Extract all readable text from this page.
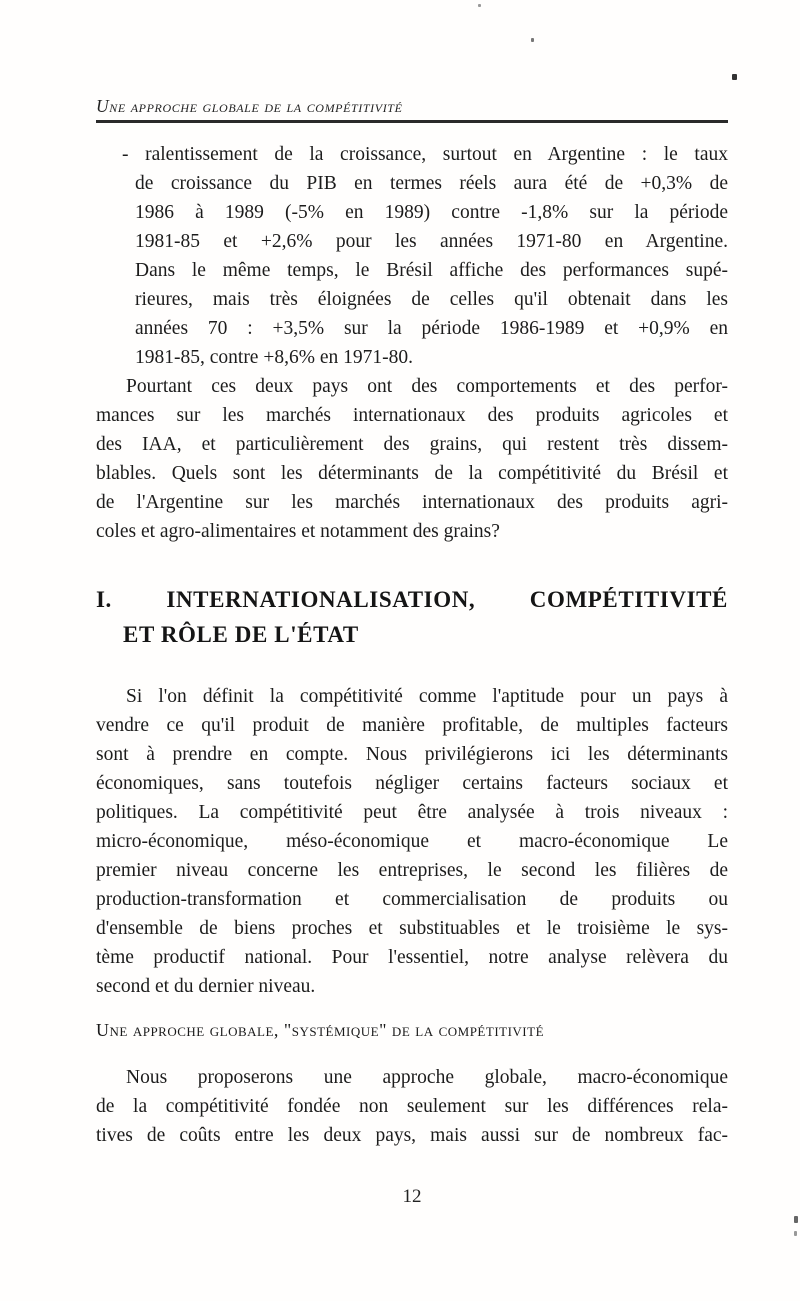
Une approche globale de la compétitivité
- ralentissement de la croissance, surtout en Argentine : le taux
de croissance du PIB en termes réels aura été de +0,3% de
1986 à 1989 (-5% en 1989) contre -1,8% sur la période
1981-85 et +2,6% pour les années 1971-80 en Argentine.
Dans le même temps, le Brésil affiche des performances supé-
rieures, mais très éloignées de celles qu'il obtenait dans les
années 70 : +3,5% sur la période 1986-1989 et +0,9% en
1981-85, contre +8,6% en 1971-80.
Pourtant ces deux pays ont des comportements et des perfor-
mances sur les marchés internationaux des produits agricoles et
des IAA, et particulièrement des grains, qui restent très dissem-
blables. Quels sont les déterminants de la compétitivité du Brésil et
de l'Argentine sur les marchés internationaux des produits agri-
coles et agro-alimentaires et notamment des grains?
I. INTERNATIONALISATION, COMPÉTITIVITÉ
ET RÔLE DE L'ÉTAT
Si l'on définit la compétitivité comme l'aptitude pour un pays à
vendre ce qu'il produit de manière profitable, de multiples facteurs
sont à prendre en compte. Nous privilégierons ici les déterminants
économiques, sans toutefois négliger certains facteurs sociaux et
politiques. La compétitivité peut être analysée à trois niveaux :
micro-économique, méso-économique et macro-économique Le
premier niveau concerne les entreprises, le second les filières de
production-transformation et commercialisation de produits ou
d'ensemble de biens proches et substituables et le troisième le sys-
tème productif national. Pour l'essentiel, notre analyse relèvera du
second et du dernier niveau.
Une approche globale, "systémique" de la compétitivité
Nous proposerons une approche globale, macro-économique
de la compétitivité fondée non seulement sur les différences rela-
tives de coûts entre les deux pays, mais aussi sur de nombreux fac-
12
